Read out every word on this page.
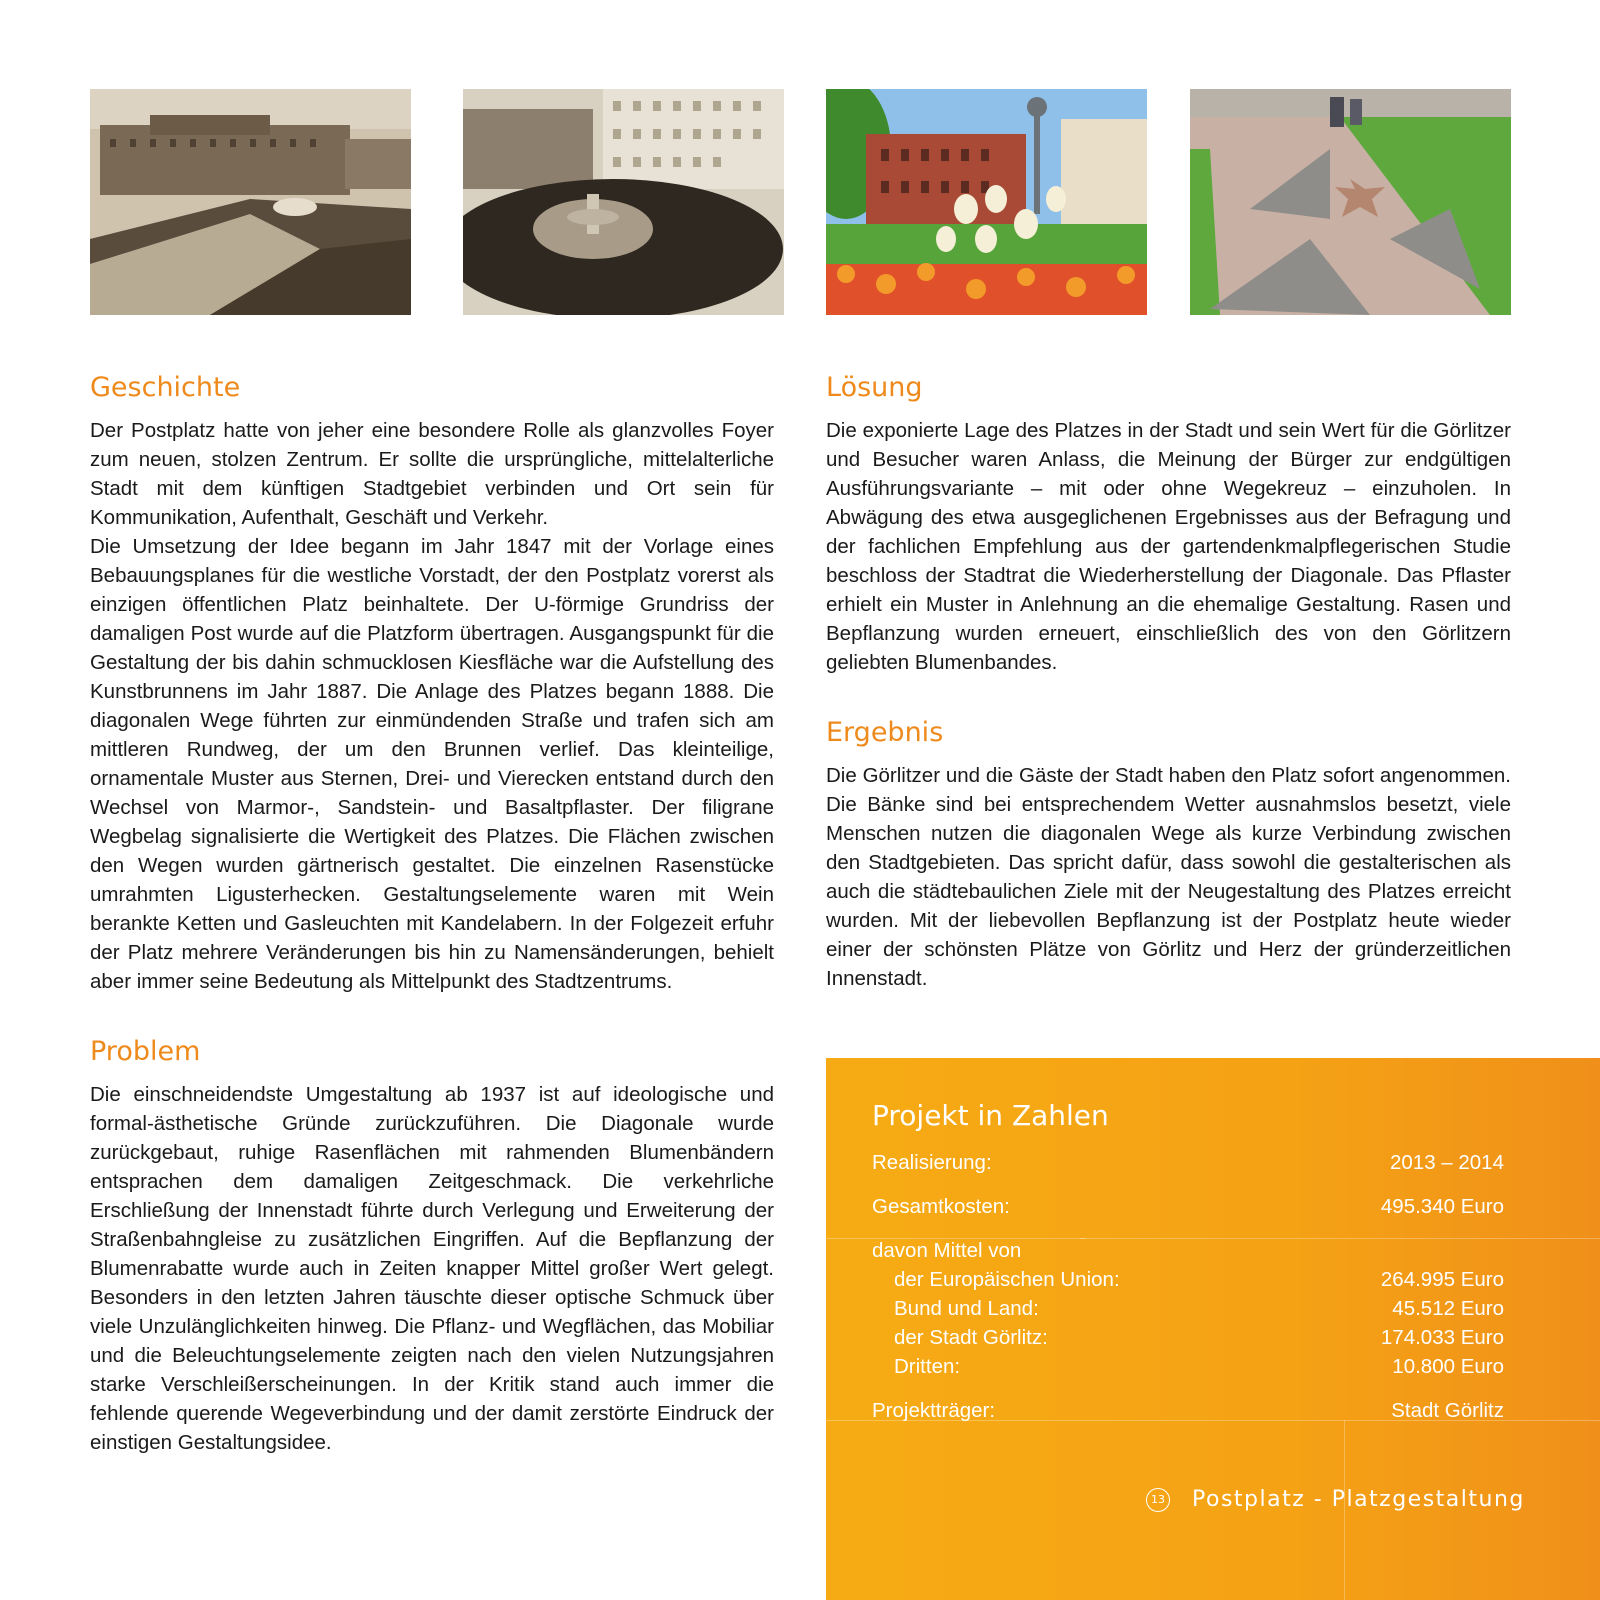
Geschichte

Der Postplatz hatte von jeher eine besondere Rolle als glanzvolles Foyer zum neuen, stolzen Zentrum. Er sollte die ursprüngliche, mittelalterliche Stadt mit dem künftigen Stadtgebiet verbinden und Ort sein für Kommunikation, Aufenthalt, Geschäft und Verkehr.

Die Umsetzung der Idee begann im Jahr 1847 mit der Vorlage eines Bebauungsplanes für die westliche Vorstadt, der den Postplatz vorerst als einzigen öffentlichen Platz beinhaltete. Der U-förmige Grundriss der damaligen Post wurde auf die Platzform übertragen. Ausgangspunkt für die Gestaltung der bis dahin schmucklosen Kiesfläche war die Aufstellung des Kunstbrunnens im Jahr 1887. Die Anlage des Platzes begann 1888. Die diagonalen Wege führten zur einmündenden Straße und trafen sich am mittleren Rundweg, der um den Brunnen verlief. Das kleinteilige, ornamentale Muster aus Sternen, Drei- und Vierecken entstand durch den Wechsel von Marmor-, Sandstein- und Basaltpflaster. Der filigrane Wegbelag signalisierte die Wertigkeit des Platzes. Die Flächen zwischen den Wegen wurden gärtnerisch gestaltet. Die einzelnen Rasenstücke umrahmten Ligusterhecken. Gestaltungselemente waren mit Wein berankte Ketten und Gasleuchten mit Kandelabern. In der Folgezeit erfuhr der Platz mehrere Veränderungen bis hin zu Namensänderungen, behielt aber immer seine Bedeutung als Mittelpunkt des Stadtzentrums.

Problem

Die einschneidendste Umgestaltung ab 1937 ist auf ideologische und formal-ästhetische Gründe zurückzuführen. Die Diagonale wurde zurückgebaut, ruhige Rasenflächen mit rahmenden Blumenbändern entsprachen dem damaligen Zeitgeschmack. Die verkehrliche Erschließung der Innenstadt führte durch Verlegung und Erweiterung der Straßenbahngleise zu zusätzlichen Eingriffen. Auf die Bepflanzung der Blumenrabatte wurde auch in Zeiten knapper Mittel großer Wert gelegt. Besonders in den letzten Jahren täuschte dieser optische Schmuck über viele Unzulänglichkeiten hinweg. Die Pflanz- und Wegflächen, das Mobiliar und die Beleuchtungselemente zeigten nach den vielen Nutzungsjahren starke Verschleißerscheinungen. In der Kritik stand auch immer die fehlende querende Wegeverbindung und der damit zerstörte Eindruck der einstigen Gestaltungsidee.

Lösung

Die exponierte Lage des Platzes in der Stadt und sein Wert für die Görlitzer und Besucher waren Anlass, die Meinung der Bürger zur endgültigen Ausführungsvariante – mit oder ohne Wegekreuz – einzuholen. In Abwägung des etwa ausgeglichenen Ergebnisses aus der Befragung und der fachlichen Empfehlung aus der gartendenkmalpflegerischen Studie beschloss der Stadtrat die Wiederherstellung der Diagonale. Das Pflaster erhielt ein Muster in Anlehnung an die ehemalige Gestaltung. Rasen und Bepflanzung wurden erneuert, einschließlich des von den Görlitzern geliebten Blumenbandes.

Ergebnis

Die Görlitzer und die Gäste der Stadt haben den Platz sofort angenommen. Die Bänke sind bei entsprechendem Wetter ausnahmslos besetzt, viele Menschen nutzen die diagonalen Wege als kurze Verbindung zwischen den Stadtgebieten. Das spricht dafür, dass sowohl die gestalterischen als auch die städtebaulichen Ziele mit der Neugestaltung des Platzes erreicht wurden. Mit der liebevollen Bepflanzung ist der Postplatz heute wieder einer der schönsten Plätze von Görlitz und Herz der gründerzeitlichen Innenstadt.

Projekt in Zahlen
Realisierung:	2013 – 2014
Gesamtkosten:	495.340 Euro
davon Mittel von
der Europäischen Union:	264.995 Euro
Bund und Land:	45.512 Euro
der Stadt Görlitz:	174.033 Euro
Dritten:	10.800 Euro
Projektträger:	Stadt Görlitz
13 Postplatz - Platzgestaltung
